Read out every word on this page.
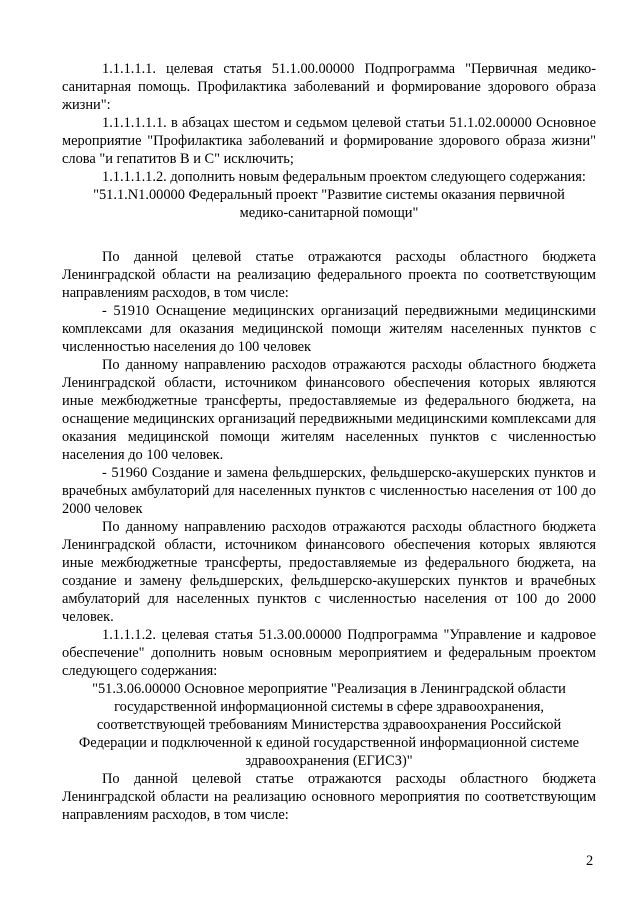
1.1.1.1.1. целевая статья 51.1.00.00000 Подпрограмма "Первичная медико-санитарная помощь. Профилактика заболеваний и формирование здорового образа жизни":

1.1.1.1.1.1. в абзацах шестом и седьмом целевой статьи 51.1.02.00000 Основное мероприятие "Профилактика заболеваний и формирование здорового образа жизни" слова "и гепатитов В и С" исключить;

1.1.1.1.1.2. дополнить новым федеральным проектом следующего содержания:

"51.1.N1.00000 Федеральный проект "Развитие системы оказания первичной медико-санитарной помощи"

По данной целевой статье отражаются расходы областного бюджета Ленинградской области на реализацию федерального проекта по соответствующим направлениям расходов, в том числе:

- 51910 Оснащение медицинских организаций передвижными медицинскими комплексами для оказания медицинской помощи жителям населенных пунктов с численностью населения до 100 человек

По данному направлению расходов отражаются расходы областного бюджета Ленинградской области, источником финансового обеспечения которых являются иные межбюджетные трансферты, предоставляемые из федерального бюджета, на оснащение медицинских организаций передвижными медицинскими комплексами для оказания медицинской помощи жителям населенных пунктов с численностью населения до 100 человек.

- 51960 Создание и замена фельдшерских, фельдшерско-акушерских пунктов и врачебных амбулаторий для населенных пунктов с численностью населения от 100 до 2000 человек

По данному направлению расходов отражаются расходы областного бюджета Ленинградской области, источником финансового обеспечения которых являются иные межбюджетные трансферты, предоставляемые из федерального бюджета, на создание и замену фельдшерских, фельдшерско-акушерских пунктов и врачебных амбулаторий для населенных пунктов с численностью населения от 100 до 2000 человек.

1.1.1.1.2. целевая статья 51.3.00.00000 Подпрограмма "Управление и кадровое обеспечение" дополнить новым основным мероприятием и федеральным проектом следующего содержания:

"51.3.06.00000 Основное мероприятие "Реализация в Ленинградской области государственной информационной системы в сфере здравоохранения, соответствующей требованиям Министерства здравоохранения Российской Федерации и подключенной к единой государственной информационной системе здравоохранения (ЕГИСЗ)"

По данной целевой статье отражаются расходы областного бюджета Ленинградской области на реализацию основного мероприятия по соответствующим направлениям расходов, в том числе:

2
